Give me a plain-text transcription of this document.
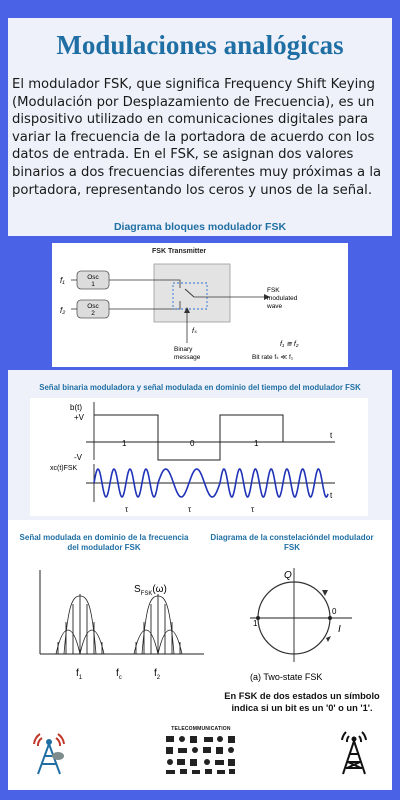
Modulaciones analógicas

El modulador FSK, que significa Frequency Shift Keying (Modulación por Desplazamiento de Frecuencia), es un dispositivo utilizado en comunicaciones digitales para variar la frecuencia de la portadora de acuerdo con los datos de entrada. En el FSK, se asignan dos valores binarios a dos frecuencias diferentes muy próximas a la portadora, representando los ceros y unos de la señal.

Diagrama bloques modulador FSK
FSK Transmitter
Osc
1
Osc
2
f₁
f₂
FSK
modulated
wave
fₛ
Binary
message
f₁ ≅ f₂
Bit rate fₛ ≪ f₁
Señal binaria moduladora y señal modulada en dominio del tiempo del modulador FSK
b(t)
t
+V
-V
1	0	1
xc(t)FSK
τ	τ	τ
t
Señal modulada en dominio de la frecuencia del modulador FSK
Diagrama de la constelacióndel modulador FSK
$S_{FSK}(\omega)$
$f_1$	$f_c$	$f_2$
Q
1
0
I
(a) Two-state FSK
En FSK de dos estados un símbolo indica si un bit es un '0' o un '1'.
TELECOMMUNICATION
